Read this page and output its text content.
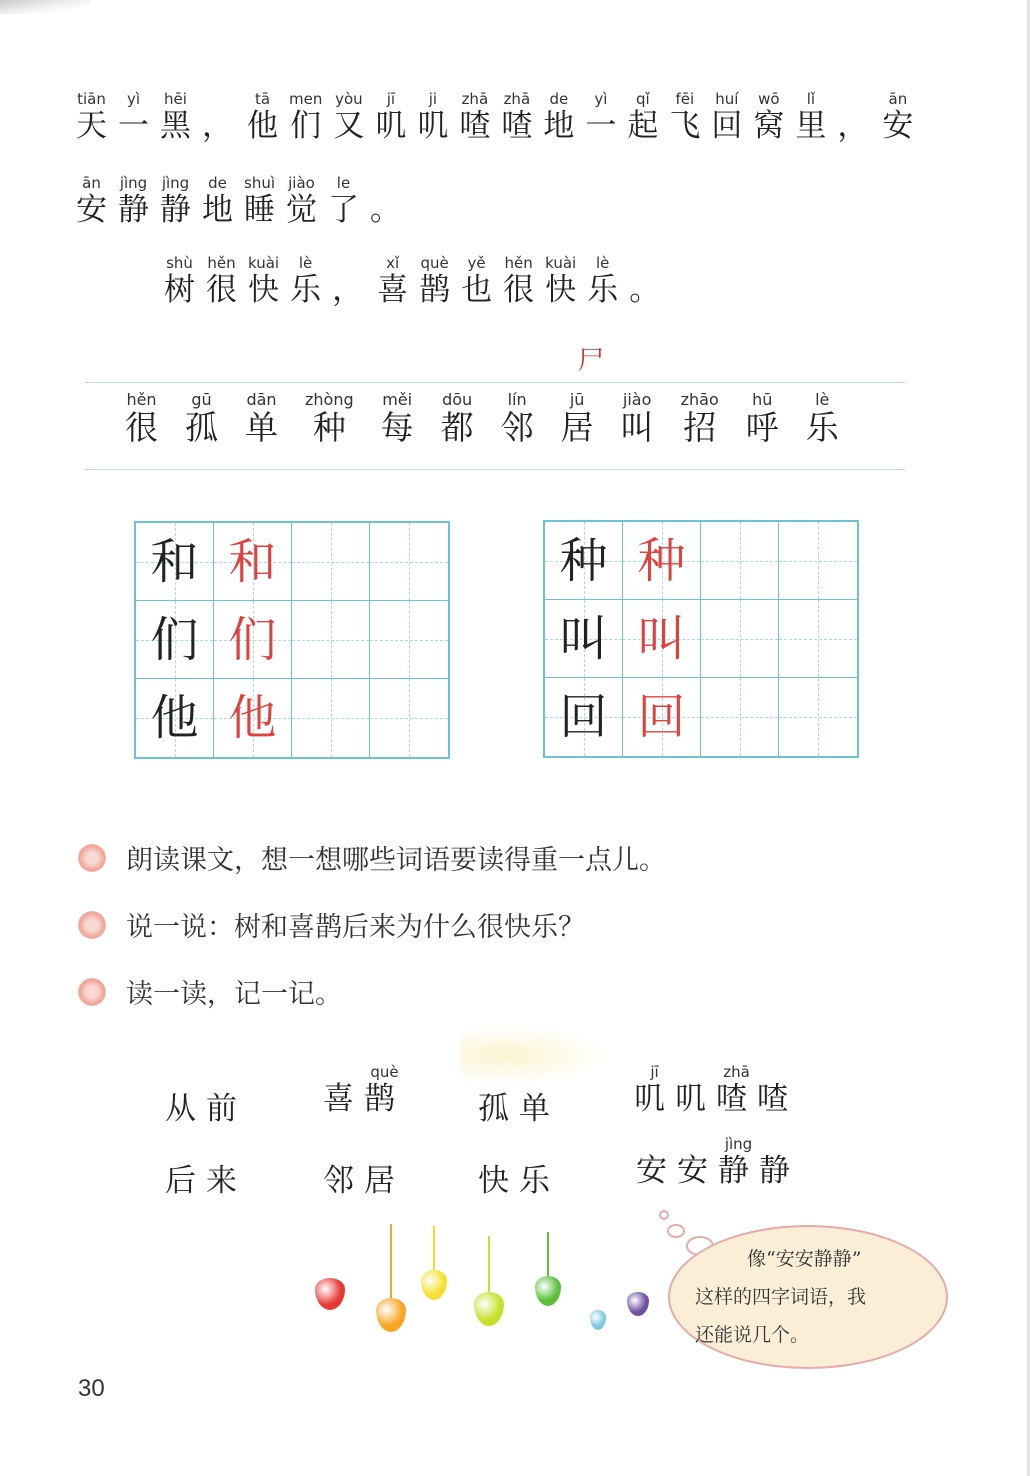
天tiān
一yì
黑hēi
， 他tā
们men
又yòu
叽jī
叽ji
喳zhā
喳zhā
地de
一yì
起qǐ
飞fēi
回huí
窝wō
里lǐ
， 安ān
安ān
静jìng
静jìng
地de
睡shuì
觉jiào
了le
。
树shù
很hěn
快kuài
乐lè
， 喜xǐ
鹊què
也yě
很hěn
快kuài
乐lè
。
尸
很hěn
孤gū
单dān
种zhòng
每měi
都dōu
邻lín
居jū
叫jiào
招zhāo
呼hū
乐lè
和 和
们 们
他 他
种 种
叫 叫
回 回
朗读课文，想一想哪些词语要读得重一点儿。
说一说：树和喜鹊后来为什么很快乐？
读一读，记一记。
从前 喜鹊què
孤单 叽jī叽喳zhā喳
后来 邻居 快乐 安安静jìng静
像“安安静静”
这样的四字词语，我
还能说几个。
30
